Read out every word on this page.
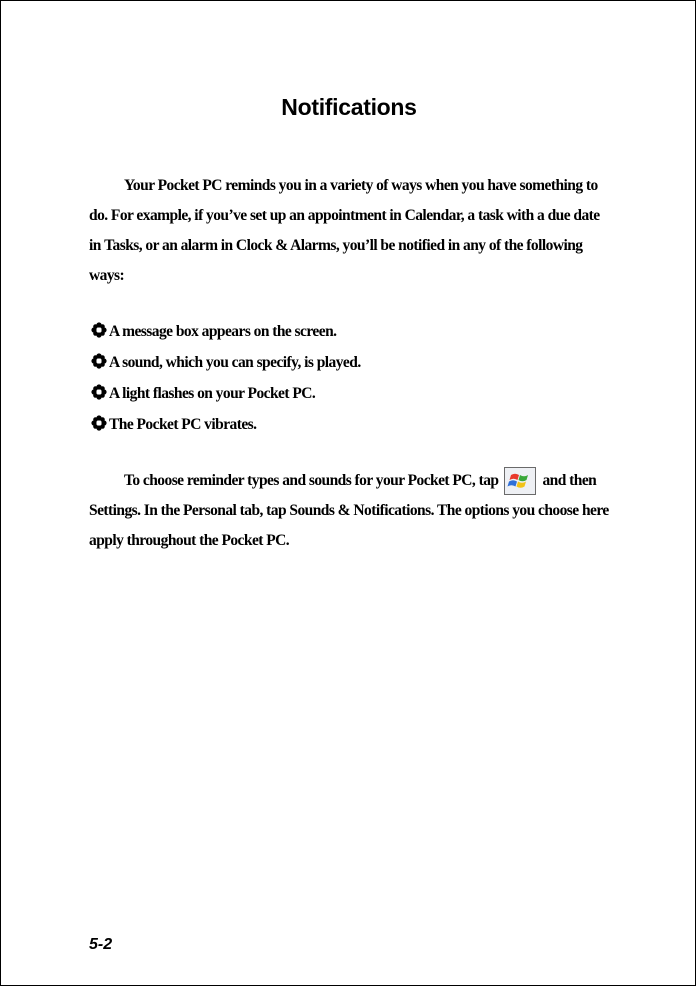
Notifications

Your Pocket PC reminds you in a variety of ways when you have something to do. For example, if you’ve set up an appointment in Calendar, a task with a due date in Tasks, or an alarm in Clock & Alarms, you’ll be notified in any of the following ways:

A message box appears on the screen.
A sound, which you can specify, is played.
A light flashes on your Pocket PC.
The Pocket PC vibrates.

To choose reminder types and sounds for your Pocket PC, tap	and then Settings. In the Personal tab, tap Sounds & Notifications. The options you choose here apply throughout the Pocket PC.

5-2
